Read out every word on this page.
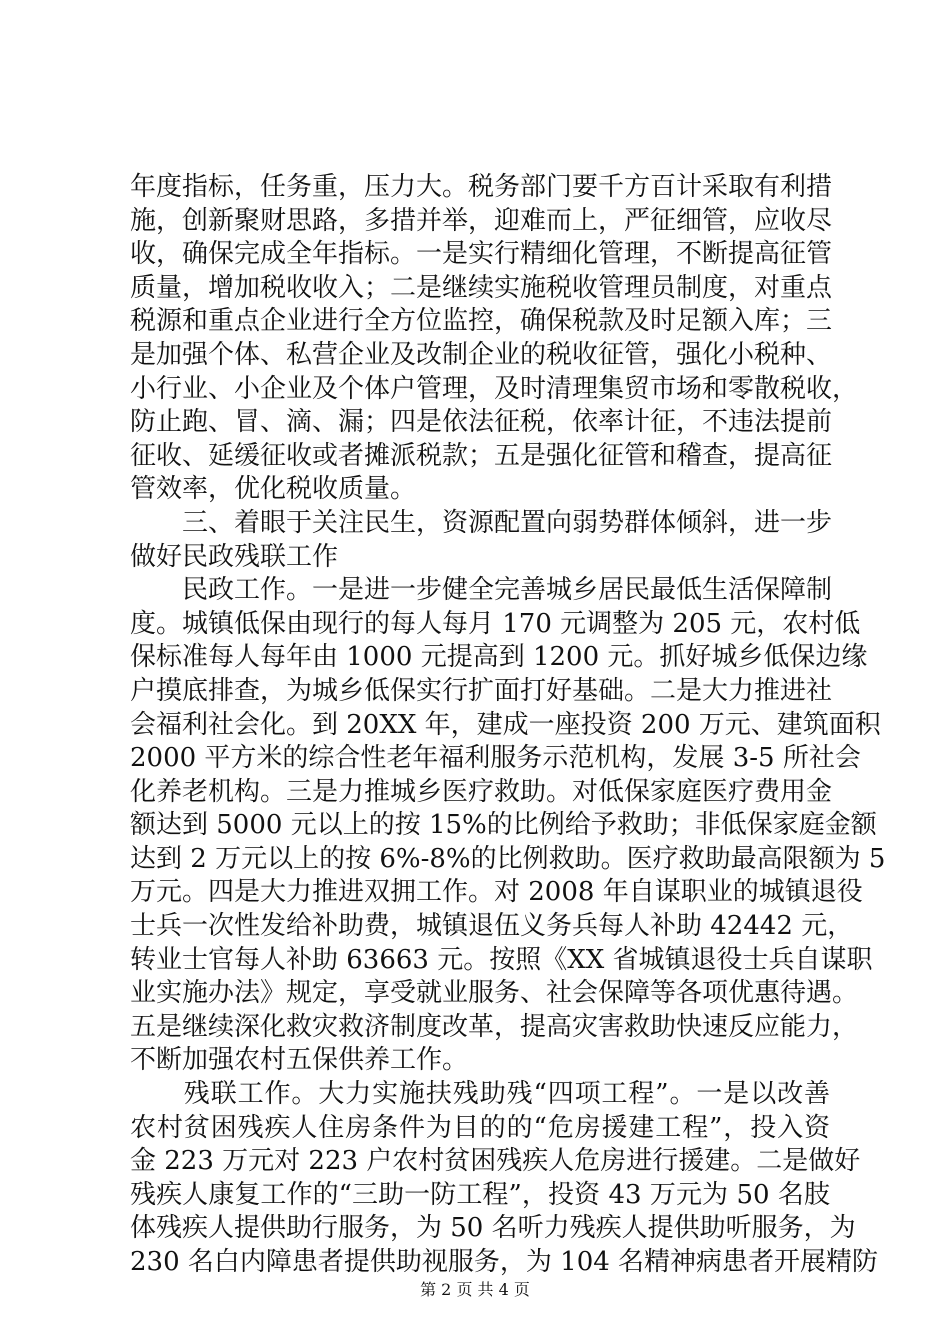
年度指标，任务重，压力大。税务部门要千方百计采取有利措
施，创新聚财思路，多措并举，迎难而上，严征细管，应收尽
收，确保完成全年指标。一是实行精细化管理，不断提高征管
质量，增加税收收入；二是继续实施税收管理员制度，对重点
税源和重点企业进行全方位监控，确保税款及时足额入库；三
是加强个体、私营企业及改制企业的税收征管，强化小税种、
小行业、小企业及个体户管理，及时清理集贸市场和零散税收，
防止跑、冒、滴、漏；四是依法征税，依率计征，不违法提前
征收、延缓征收或者摊派税款；五是强化征管和稽查，提高征
管效率，优化税收质量。
　　三、着眼于关注民生，资源配置向弱势群体倾斜，进一步
做好民政残联工作
　　民政工作。一是进一步健全完善城乡居民最低生活保障制
度。城镇低保由现行的每人每月 170 元调整为 205 元，农村低
保标准每人每年由 1000 元提高到 1200 元。抓好城乡低保边缘
户摸底排查，为城乡低保实行扩面打好基础。二是大力推进社
会福利社会化。到 20XX 年，建成一座投资 200 万元、建筑面积
2000 平方米的综合性老年福利服务示范机构，发展 3-5 所社会
化养老机构。三是力推城乡医疗救助。对低保家庭医疗费用金
额达到 5000 元以上的按 15%的比例给予救助；非低保家庭金额
达到 2 万元以上的按 6%-8%的比例救助。医疗救助最高限额为 5
万元。四是大力推进双拥工作。对 2008 年自谋职业的城镇退役
士兵一次性发给补助费，城镇退伍义务兵每人补助 42442 元，
转业士官每人补助 63663 元。按照《XX 省城镇退役士兵自谋职
业实施办法》规定，享受就业服务、社会保障等各项优惠待遇。
五是继续深化救灾救济制度改革，提高灾害救助快速反应能力，
不断加强农村五保供养工作。
　　残联工作。大力实施扶残助残“四项工程”。一是以改善
农村贫困残疾人住房条件为目的的“危房援建工程”，投入资
金 223 万元对 223 户农村贫困残疾人危房进行援建。二是做好
残疾人康复工作的“三助一防工程”，投资 43 万元为 50 名肢
体残疾人提供助行服务，为 50 名听力残疾人提供助听服务，为
230 名白内障患者提供助视服务，为 104 名精神病患者开展精防
第 2 页 共 4 页
